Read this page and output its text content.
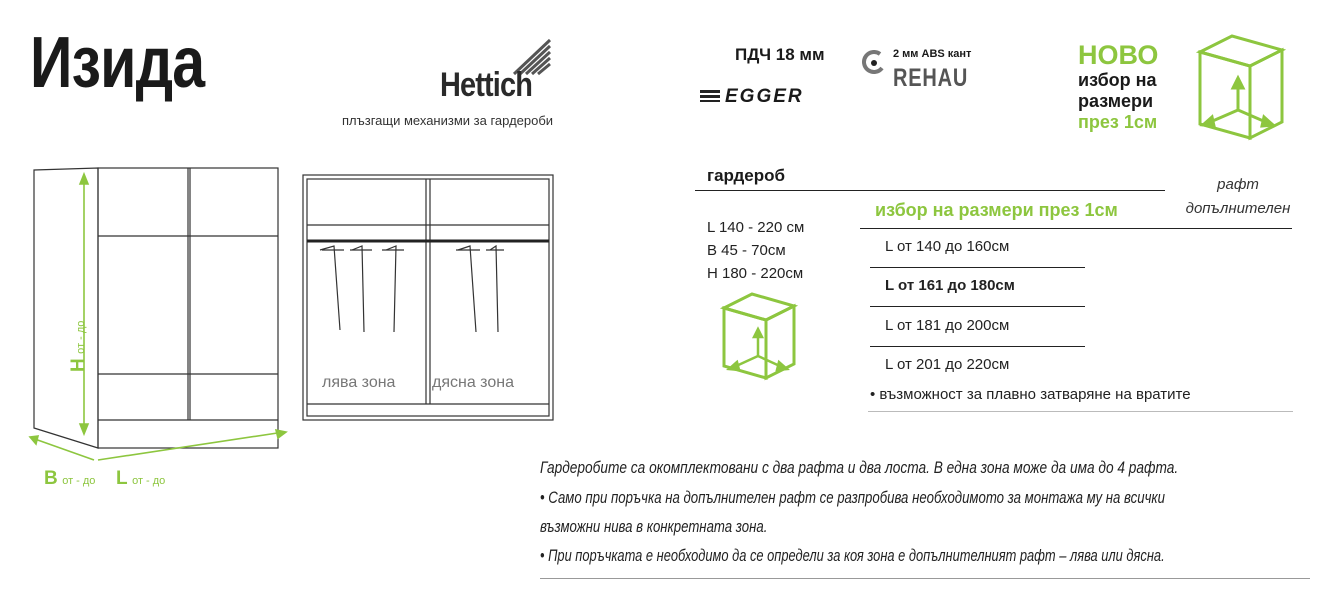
Изида	Hettich
плъзгащи механизми за гардероби
ПДЧ 18 мм
EGGER
2 мм ABS кант
REHAU
НОВО
избор на
размери
през 1см
гардероб	рафт
допълнителен
L 140 - 220 см
B 45 - 70см
H 180 - 220см
избор на размери през 1см
L от 140 до 160см
L от 161 до 180см
L от 181 до 200см
L от 201 до 220см
• възможност за плавно затваряне на вратите
H от - до
B от - до L от - до
лява зона дясна зона
Гардеробите са окомплектовани с два рафта и два лоста. В една зона може да има до 4 рафта.
• Само при поръчка на допълнителен рафт се разпробива необходимото за монтажа му на всички
възможни нива в конкретната зона.
• При поръчката е необходимо да се определи за коя зона е допълнителният рафт – лява или дясна.
